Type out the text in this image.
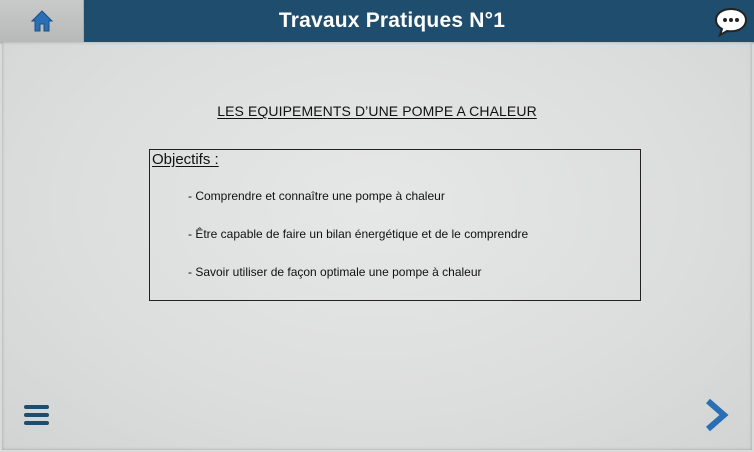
Travaux Pratiques N°1
LES EQUIPEMENTS D’UNE POMPE A CHALEUR
Objectifs :
- Comprendre et connaître une pompe à chaleur
- Être capable de faire un bilan énergétique et de le comprendre
- Savoir utiliser de façon optimale une pompe à chaleur
